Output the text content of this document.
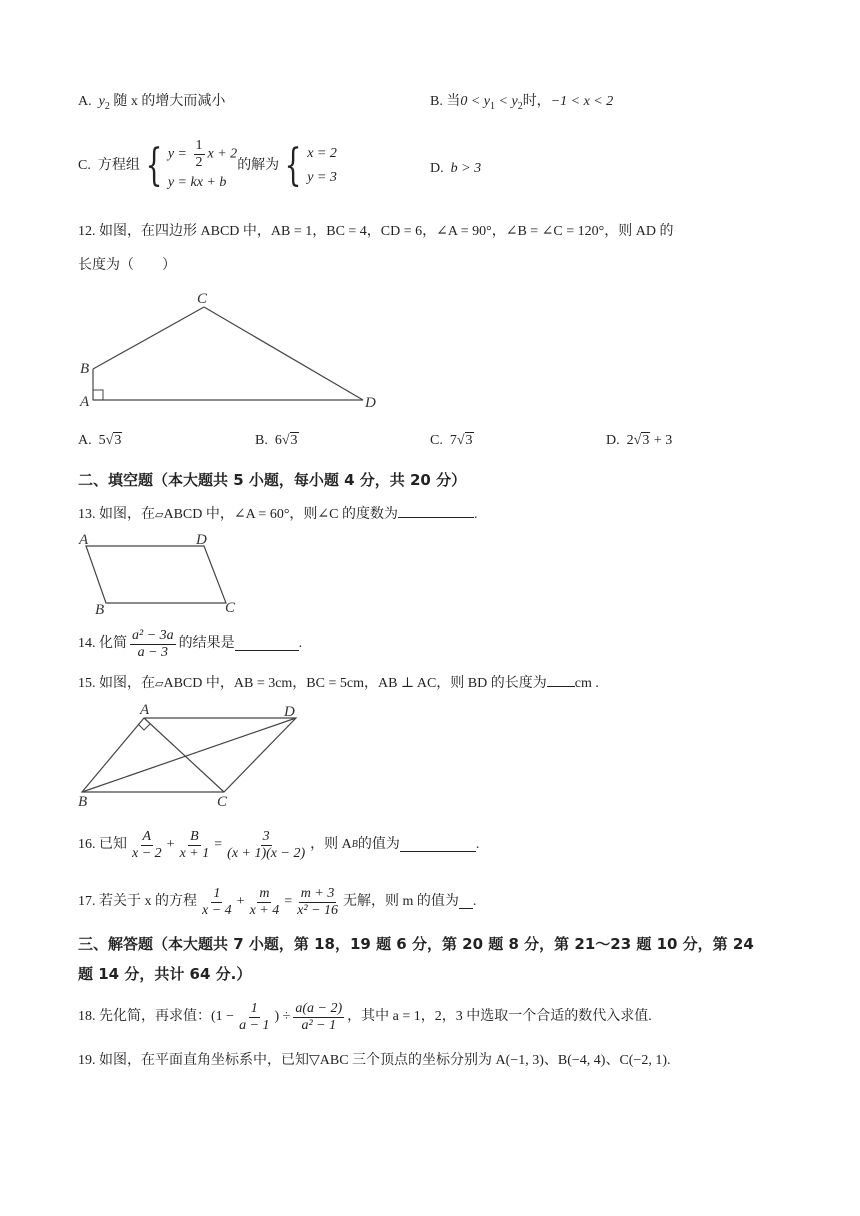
A. $y_2$ 随 x 的增大而减小	B. 当$0 < y_1 < y_2$时，−1 < x < 2
C.
方程组 { $y = \frac{1}{2}$ x + 2
y = kx + b
的解为 { x = 2
y = 3
D. b > 3
12. 如图，在四边形 ABCD 中，AB = 1，BC = 4，CD = 6，∠A = 90°，∠B = ∠C = 120°，则 AD 的
长度为（　　）
A
B
C
D
A. 5√3	B. 6√3	C. 7√3	D. 2√3 + 3
二、填空题（本大题共 5 小题，每小题 4 分，共 20 分）
13. 如图，在▱ABCD 中，∠A = 60°，则∠C 的度数为	.
A	D
B	C
14. 化简 $\frac{\text{a² − 3a}}{a - 3}$ 的结果是	.
15. 如图，在▱ABCD 中，AB = 3cm，BC = 5cm，AB ⊥ AC，则 BD 的长度为 cm .
A	D
B	C
16. 已知 $\frac{A}{x - 2} + \frac{B}{x + 1} = \frac{3}{(x + 1)(x - 2)}$ ，则 A B 的值为	.
17. 若关于 x 的方程 $\frac{1}{x - 4} + \frac{m}{x + 4} = \frac{m + 3}{\text{x² − 16}}$ 无解，则 m 的值为 .
三、解答题（本大题共 7 小题，第 18，19 题 6 分，第 20 题 8 分，第 21～23 题 10 分，第 24
题 14 分，共计 64 分.）
18. 先化简，再求值：($1 - \frac{1}{a - 1}$ ) ÷ $\frac{a(a - 2)}{\text{a² − 1}}$ ，其中 a = 1，2，3 中选取一个合适的数代入求值.
19. 如图，在平面直角坐标系中，已知▽ABC 三个顶点的坐标分别为 A(−1, 3)、B(−4, 4)、C(−2, 1).
